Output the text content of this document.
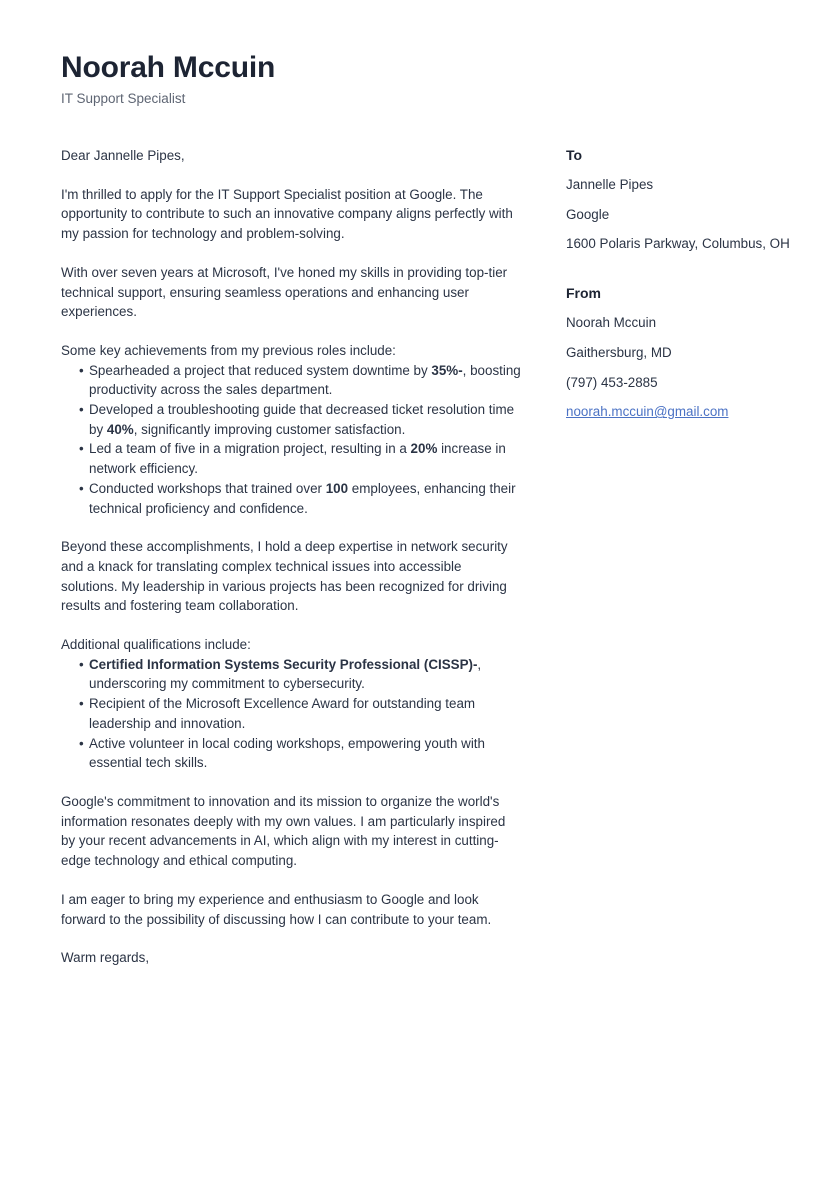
Noorah Mccuin
IT Support Specialist
Dear Jannelle Pipes,
I'm thrilled to apply for the IT Support Specialist position at Google. The opportunity to contribute to such an innovative company aligns perfectly with my passion for technology and problem-solving.
With over seven years at Microsoft, I've honed my skills in providing top-tier technical support, ensuring seamless operations and enhancing user experiences.
Some key achievements from my previous roles include:
• Spearheaded a project that reduced system downtime by 35%-, boosting productivity across the sales department.
• Developed a troubleshooting guide that decreased ticket resolution time by 40%, significantly improving customer satisfaction.
• Led a team of five in a migration project, resulting in a 20% increase in network efficiency.
• Conducted workshops that trained over 100 employees, enhancing their technical proficiency and confidence.
Beyond these accomplishments, I hold a deep expertise in network security and a knack for translating complex technical issues into accessible solutions. My leadership in various projects has been recognized for driving results and fostering team collaboration.
Additional qualifications include:
• Certified Information Systems Security Professional (CISSP)-, underscoring my commitment to cybersecurity.
• Recipient of the Microsoft Excellence Award for outstanding team leadership and innovation.
• Active volunteer in local coding workshops, empowering youth with essential tech skills.
Google's commitment to innovation and its mission to organize the world's information resonates deeply with my own values. I am particularly inspired by your recent advancements in AI, which align with my interest in cutting-edge technology and ethical computing.
I am eager to bring my experience and enthusiasm to Google and look forward to the possibility of discussing how I can contribute to your team.
Warm regards,
To
Jannelle Pipes
Google
1600 Polaris Parkway, Columbus, OH
From
Noorah Mccuin
Gaithersburg, MD
(797) 453-2885
noorah.mccuin@gmail.com
